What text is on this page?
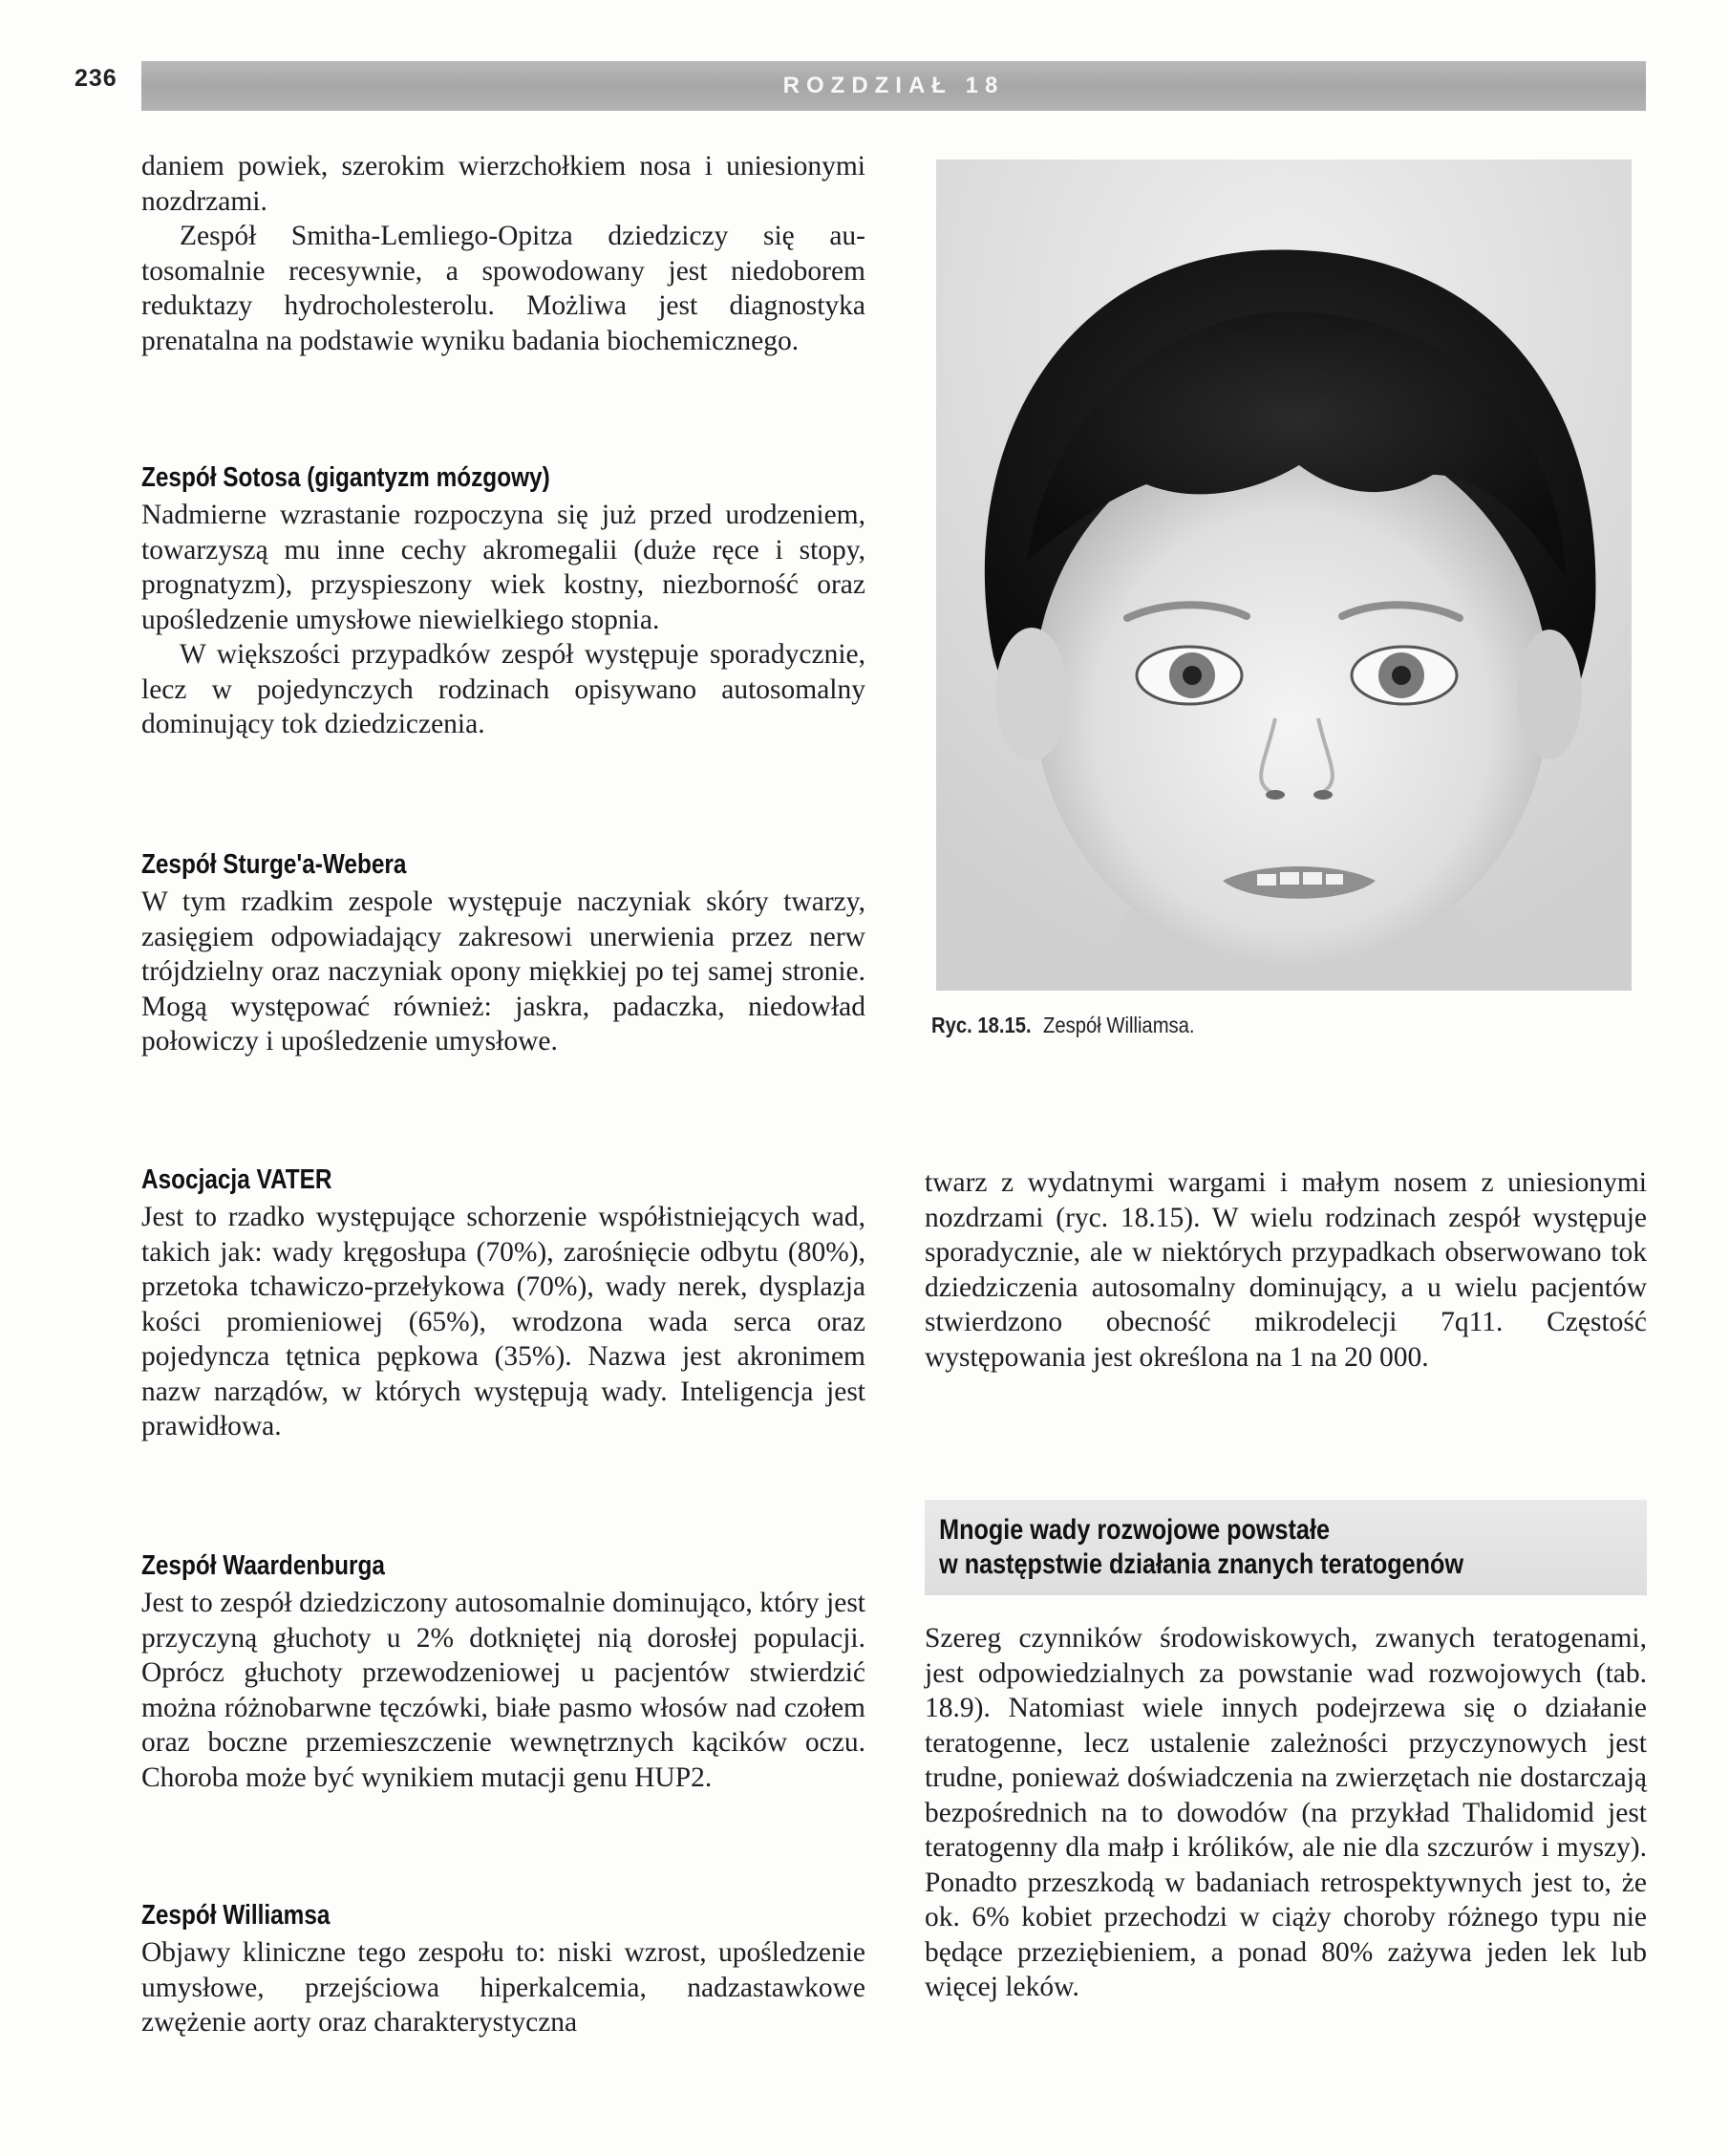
236	ROZDZIAŁ 18

daniem powiek, szerokim wierzchołkiem nosa i uniesionymi nozdrzami.

Zespół Smitha-Lemliego-Opitza dziedziczy się autosomalnie recesywnie, a spowodowany jest niedoborem reduktazy hydrocholesterolu. Możliwa jest diagnostyka prenatalna na podstawie wyniku badania biochemicznego.

Zespół Sotosa (gigantyzm mózgowy)

Nadmierne wzrastanie rozpoczyna się już przed urodzeniem, towarzyszą mu inne cechy akromegalii (duże ręce i stopy, prognatyzm), przyspieszony wiek kostny, niezborność oraz upośledzenie umysłowe niewielkiego stopnia.

W większości przypadków zespół występuje sporadycznie, lecz w pojedynczych rodzinach opisywano autosomalny dominujący tok dziedziczenia.

Zespół Sturge'a-Webera

W tym rzadkim zespole występuje naczyniak skóry twarzy, zasięgiem odpowiadający zakresowi unerwienia przez nerw trójdzielny oraz naczyniak opony miękkiej po tej samej stronie. Mogą występować również: jaskra, padaczka, niedowład połowiczy i upośledzenie umysłowe.

Ryc. 18.15. Zespół Williamsa.
Asocjacja VATER

Jest to rzadko występujące schorzenie współistniejących wad, takich jak: wady kręgosłupa (70%), zarośnięcie odbytu (80%), przetoka tchawiczo-przełykowa (70%), wady nerek, dysplazja kości promieniowej (65%), wrodzona wada serca oraz pojedyncza tętnica pępkowa (35%). Nazwa jest akronimem nazw narządów, w których występują wady. Inteligencja jest prawidłowa.

Zespół Waardenburga

Jest to zespół dziedziczony autosomalnie dominująco, który jest przyczyną głuchoty u 2% dotkniętej nią dorosłej populacji. Oprócz głuchoty przewodzeniowej u pacjentów stwierdzić można różnobarwne tęczówki, białe pasmo włosów nad czołem oraz boczne przemieszczenie wewnętrznych kącików oczu. Choroba może być wynikiem mutacji genu HUP2.

Zespół Williamsa

Objawy kliniczne tego zespołu to: niski wzrost, upośledzenie umysłowe, przejściowa hiperkalcemia, nadzastawkowe zwężenie aorty oraz charakterystyczna

twarz z wydatnymi wargami i małym nosem z uniesionymi nozdrzami (ryc. 18.15). W wielu rodzinach zespół występuje sporadycznie, ale w niektórych przypadkach obserwowano tok dziedziczenia autosomalny dominujący, a u wielu pacjentów stwierdzono obecność mikrodelecji 7q11. Częstość występowania jest określona na 1 na 20 000.

Mnogie wady rozwojowe powstałe
w następstwie działania znanych teratogenów

Szereg czynników środowiskowych, zwanych teratogenami, jest odpowiedzialnych za powstanie wad rozwojowych (tab. 18.9). Natomiast wiele innych podejrzewa się o działanie teratogenne, lecz ustalenie zależności przyczynowych jest trudne, ponieważ doświadczenia na zwierzętach nie dostarczają bezpośrednich na to dowodów (na przykład Thalidomid jest teratogenny dla małp i królików, ale nie dla szczurów i myszy). Ponadto przeszkodą w badaniach retrospektywnych jest to, że ok. 6% kobiet przechodzi w ciąży choroby różnego typu nie będące przeziębieniem, a ponad 80% zażywa jeden lek lub więcej leków.
